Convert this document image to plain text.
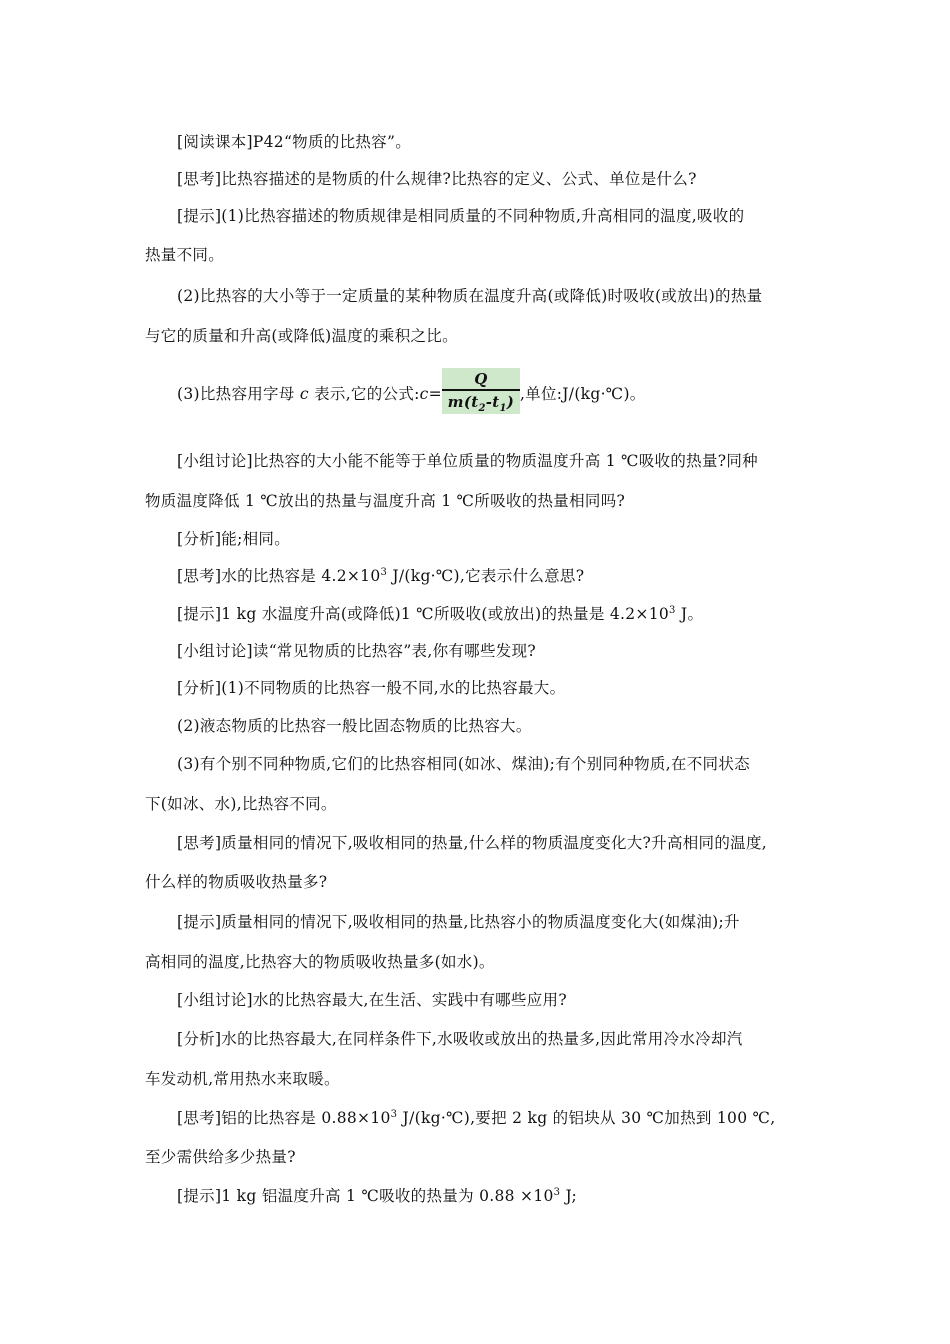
[阅读课本]P42“物质的比热容”。
[思考]比热容描述的是物质的什么规律?比热容的定义、公式、单位是什么?
[提示](1)比热容描述的物质规律是相同质量的不同种物质,升高相同的温度,吸收的
热量不同。
(2)比热容的大小等于一定质量的某种物质在温度升高(或降低)时吸收(或放出)的热量
与它的质量和升高(或降低)温度的乘积之比。
(3)比热容用字母 c 表示,它的公式:c= $\frac{Q}{m(t_2-t_1)}$ ,单位:J/(kg·℃)。
[小组讨论]比热容的大小能不能等于单位质量的物质温度升高 1 ℃吸收的热量?同种
物质温度降低 1 ℃放出的热量与温度升高 1 ℃所吸收的热量相同吗?
[分析]能;相同。
[思考]水的比热容是 $4.2\times 10^3$ J/(kg·℃),它表示什么意思?
[提示]1 kg 水温度升高(或降低)1 ℃所吸收(或放出)的热量是 $4.2\times 10^3$ J。
[小组讨论]读“常见物质的比热容”表,你有哪些发现?
[分析](1)不同物质的比热容一般不同,水的比热容最大。
(2)液态物质的比热容一般比固态物质的比热容大。
(3)有个别不同种物质,它们的比热容相同(如冰、煤油);有个别同种物质,在不同状态
下(如冰、水),比热容不同。
[思考]质量相同的情况下,吸收相同的热量,什么样的物质温度变化大?升高相同的温度,
什么样的物质吸收热量多?
[提示]质量相同的情况下,吸收相同的热量,比热容小的物质温度变化大(如煤油);升
高相同的温度,比热容大的物质吸收热量多(如水)。
[小组讨论]水的比热容最大,在生活、实践中有哪些应用?
[分析]水的比热容最大,在同样条件下,水吸收或放出的热量多,因此常用冷水冷却汽
车发动机,常用热水来取暖。
[思考]铝的比热容是 $0.88\times 10^3$ J/(kg·℃),要把 2 kg 的铝块从 30 ℃加热到 100 ℃,
至少需供给多少热量?
[提示]1 kg 铝温度升高 1 ℃吸收的热量为 $0.88 \times 10^3$ J;
